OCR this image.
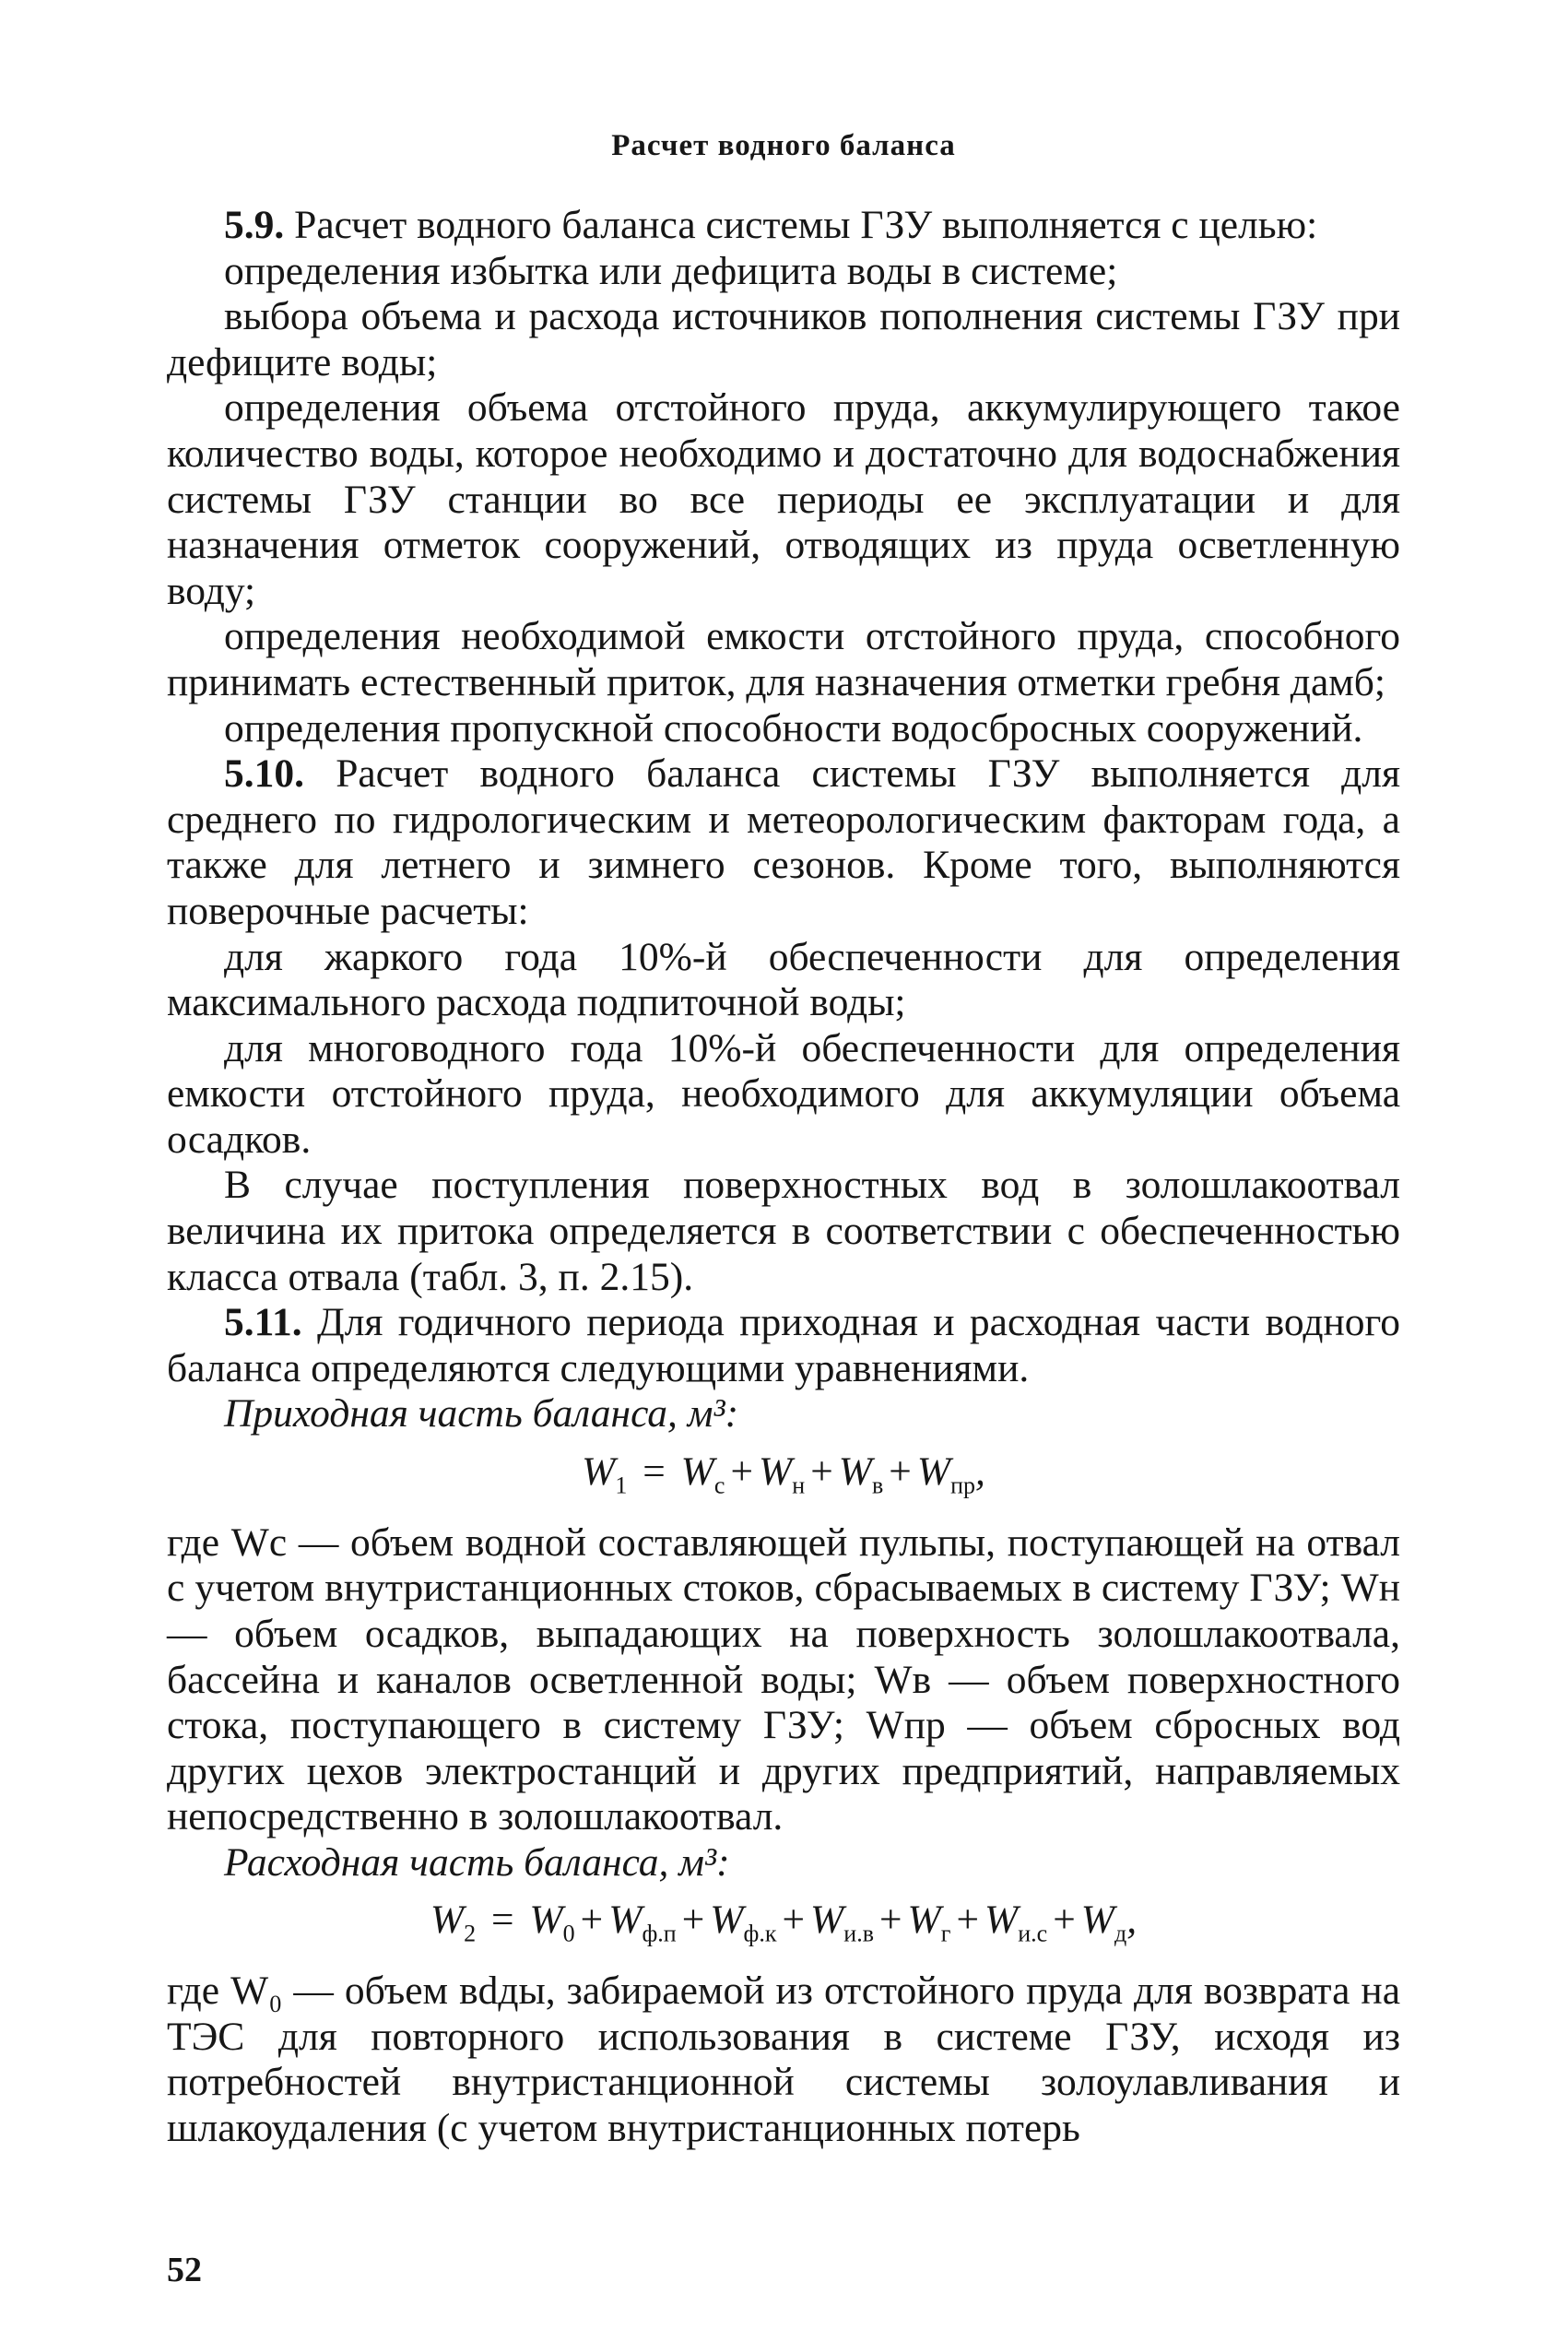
Расчет водного баланса

5.9. Расчет водного баланса системы ГЗУ выполняется с целью:

определения избытка или дефицита воды в системе;

выбора объема и расхода источников пополнения системы ГЗУ при дефиците воды;

определения объема отстойного пруда, аккумулирующего такое количество воды, которое необходимо и достаточно для водоснабжения системы ГЗУ станции во все периоды ее эксплуатации и для назначения отметок сооружений, отводящих из пруда осветленную воду;

определения необходимой емкости отстойного пруда, способного принимать естественный приток, для назначения отметки гребня дамб;

определения пропускной способности водосбросных сооружений.

5.10. Расчет водного баланса системы ГЗУ выполняется для среднего по гидрологическим и метеорологическим факторам года, а также для летнего и зимнего сезонов. Кроме того, выполняются поверочные расчеты:

для жаркого года 10%-й обеспеченности для определения максимального расхода подпиточной воды;

для многоводного года 10%-й обеспеченности для определения емкости отстойного пруда, необходимого для аккумуляции объема осадков.

В случае поступления поверхностных вод в золошлакоотвал величина их притока определяется в соответствии с обеспеченностью класса отвала (табл. 3, п. 2.15).

5.11. Для годичного периода приходная и расходная части водного баланса определяются следующими уравнениями.

Приходная часть баланса, м³:

$W_1 = W_с + W_н + W_в + W_{пр}$,

где Wс — объем водной составляющей пульпы, поступающей на отвал с учетом внутристанционных стоков, сбрасываемых в систему ГЗУ; Wн — объем осадков, выпадающих на поверхность золошлакоотвала, бассейна и каналов осветленной воды; Wв — объем поверхностного стока, поступающего в систему ГЗУ; Wпр — объем сбросных вод других цехов электростанций и других предприятий, направляемых непосредственно в золошлакоотвал.

Расходная часть баланса, м³:

$W_2 = W_0 + W_{ф.п} + W_{ф.к} + W_{и.в} + W_г + W_{и.с} + W_д$,

где W₀ — объем вdды, забираемой из отстойного пруда для возврата на ТЭС для повторного использования в системе ГЗУ, исходя из потребностей внутристанционной системы золоулавливания и шлакоудаления (с учетом внутристанционных потерь

52
